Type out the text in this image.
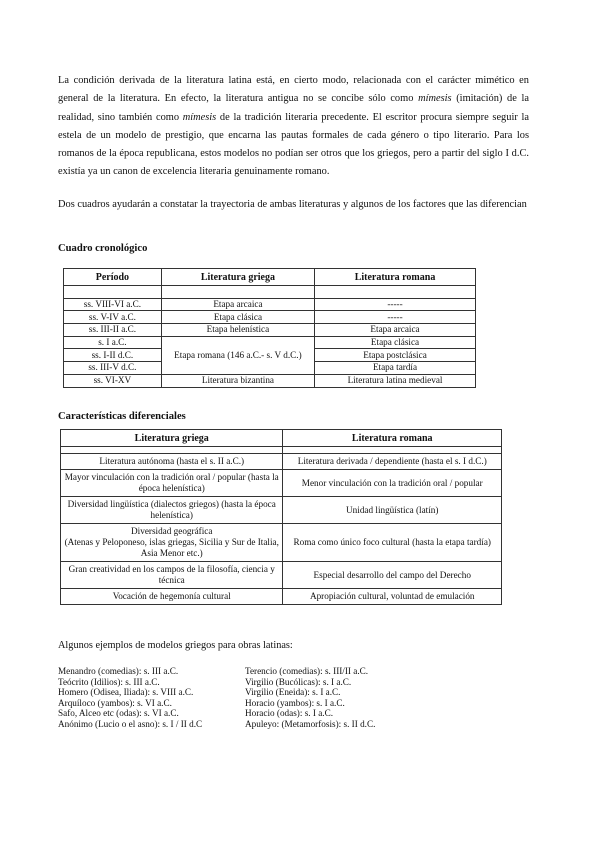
La condición derivada de la literatura latina está, en cierto modo, relacionada con el carácter mimético en general de la literatura. En efecto, la literatura antigua no se concibe sólo como mímesis (imitación) de la realidad, sino también como mímesis de la tradición literaria precedente. El escritor procura siempre seguir la estela de un modelo de prestigio, que encarna las pautas formales de cada género o tipo literario. Para los romanos de la época republicana, estos modelos no podían ser otros que los griegos, pero a partir del siglo I d.C. existía ya un canon de excelencia literaria genuinamente romano.

Dos cuadros ayudarán a constatar la trayectoria de ambas literaturas y algunos de los factores que las diferencian

Cuadro cronológico

Período	Literatura griega	Literatura romana

ss. VIII-VI a.C.	Etapa arcaica	-----
ss. V-IV a.C.	Etapa clásica	-----
ss. III-II a.C.	Etapa helenística	Etapa arcaica
s. I a.C.	Etapa romana (146 a.C.- s. V d.C.)	Etapa clásica
ss. I-II d.C.		Etapa postclásica
ss. III-V d.C.		Etapa tardía
ss. VI-XV	Literatura bizantina	Literatura latina medieval

Características diferenciales

Literatura griega	Literatura romana

Literatura autónoma (hasta el s. II a.C.)	Literatura derivada / dependiente (hasta el s. I d.C.)
Mayor vinculación con la tradición oral / popular (hasta la época helenística)	Menor vinculación con la tradición oral / popular
Diversidad lingüística (dialectos griegos) (hasta la época helenística)	Unidad lingüística (latín)
Diversidad geográfica
(Atenas y Peloponeso, islas griegas, Sicilia y Sur de Italia, Asia Menor etc.)	Roma como único foco cultural (hasta la etapa tardía)
Gran creatividad en los campos de la filosofía, ciencia y técnica	Especial desarrollo del campo del Derecho
Vocación de hegemonía cultural	Apropiación cultural, voluntad de emulación

Algunos ejemplos de modelos griegos para obras latinas:

Menandro (comedias): s. III a.C.
Teócrito (Idilios): s. III a.C.
Homero (Odisea, Iliada): s. VIII a.C.
Arquíloco (yambos): s. VI a.C.
Safo, Alceo etc (odas): s. VI a.C.
Anónimo (Lucio o el asno): s. I / II d.C
Terencio (comedias): s. III/II a.C.
Virgilio (Bucólicas): s. I a.C.
Virgilio (Eneida): s. I a.C.
Horacio (yambos): s. I a.C.
Horacio (odas): s. I a.C.
Apuleyo: (Metamorfosis): s. II d.C.
